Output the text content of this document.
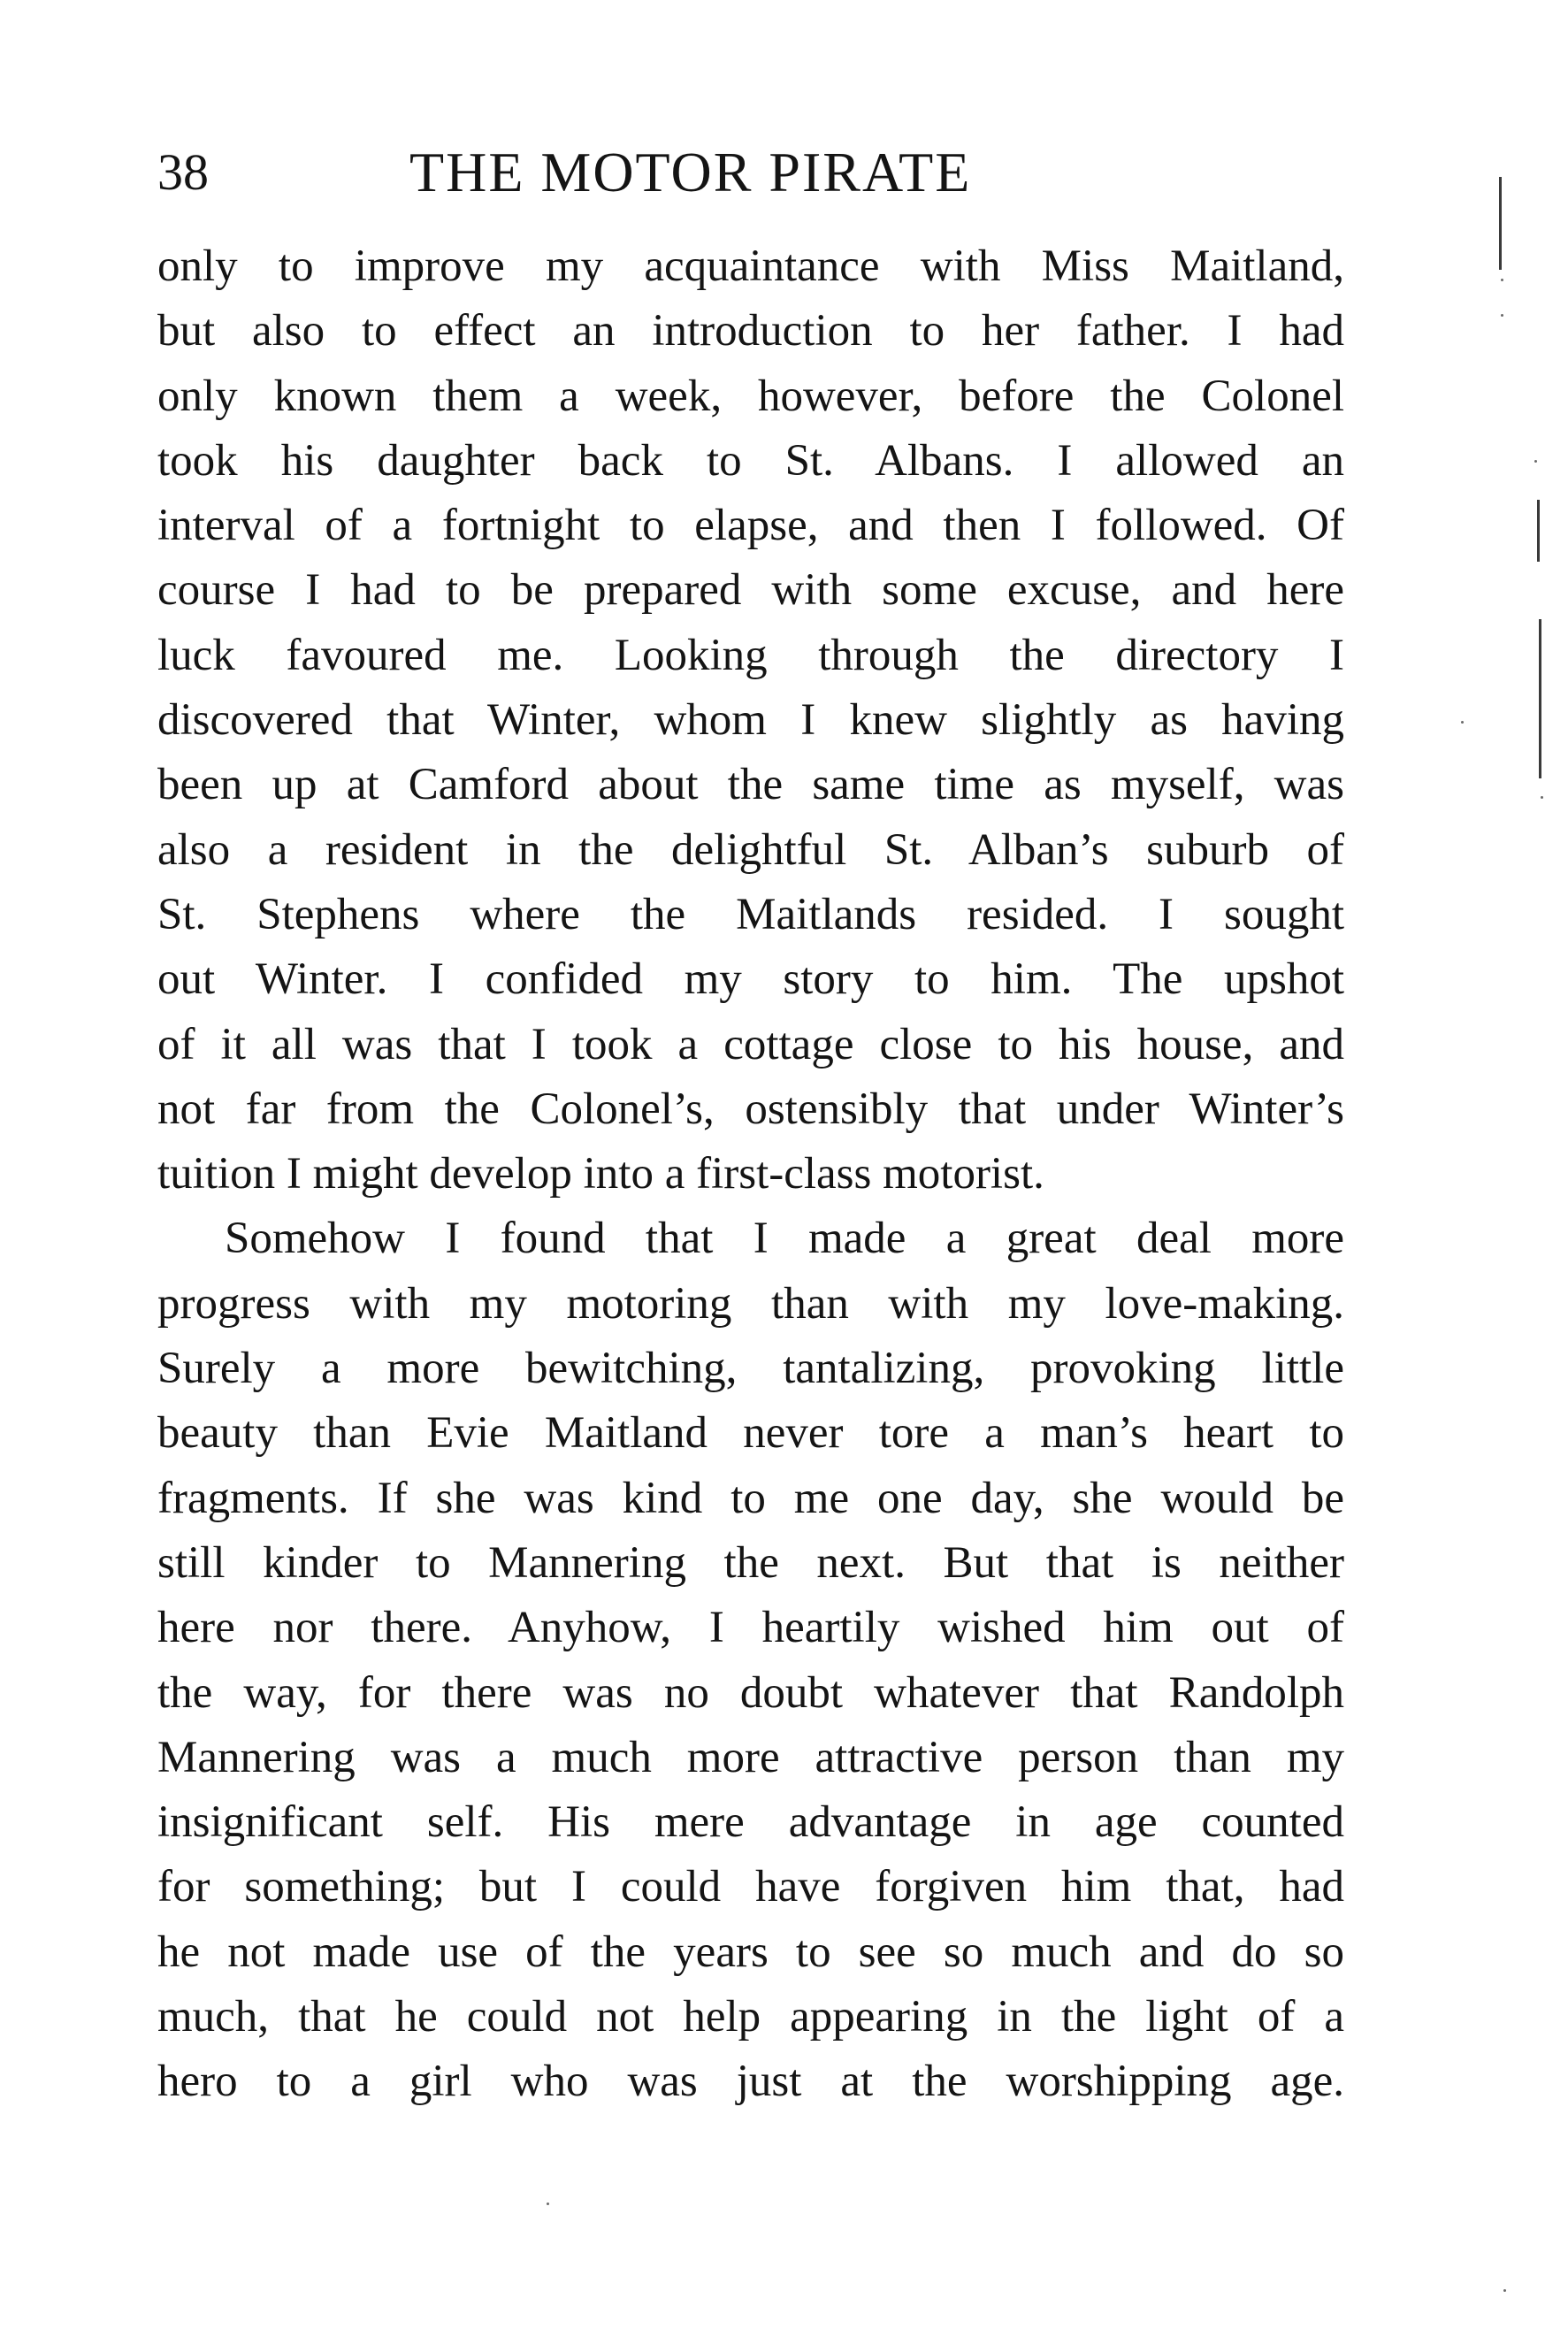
38	THE MOTOR PIRATE
only to improve my acquaintance with Miss Maitland,
but also to effect an introduction to her father. I had
only known them a week, however, before the Colonel
took his daughter back to St. Albans. I allowed an
interval of a fortnight to elapse, and then I followed. Of
course I had to be prepared with some excuse, and here
luck favoured me. Looking through the directory I
discovered that Winter, whom I knew slightly as having
been up at Camford about the same time as myself, was
also a resident in the delightful St. Alban’s suburb of
St. Stephens where the Maitlands resided. I sought
out Winter. I confided my story to him. The upshot
of it all was that I took a cottage close to his house, and
not far from the Colonel’s, ostensibly that under Winter’s
tuition I might develop into a first-class motorist.
Somehow I found that I made a great deal more
progress with my motoring than with my love-making.
Surely a more bewitching, tantalizing, provoking little
beauty than Evie Maitland never tore a man’s heart to
fragments. If she was kind to me one day, she would be
still kinder to Mannering the next. But that is neither
here nor there. Anyhow, I heartily wished him out of
the way, for there was no doubt whatever that Randolph
Mannering was a much more attractive person than my
insignificant self. His mere advantage in age counted
for something; but I could have forgiven him that, had
he not made use of the years to see so much and do so
much, that he could not help appearing in the light of a
hero to a girl who was just at the worshipping age.
